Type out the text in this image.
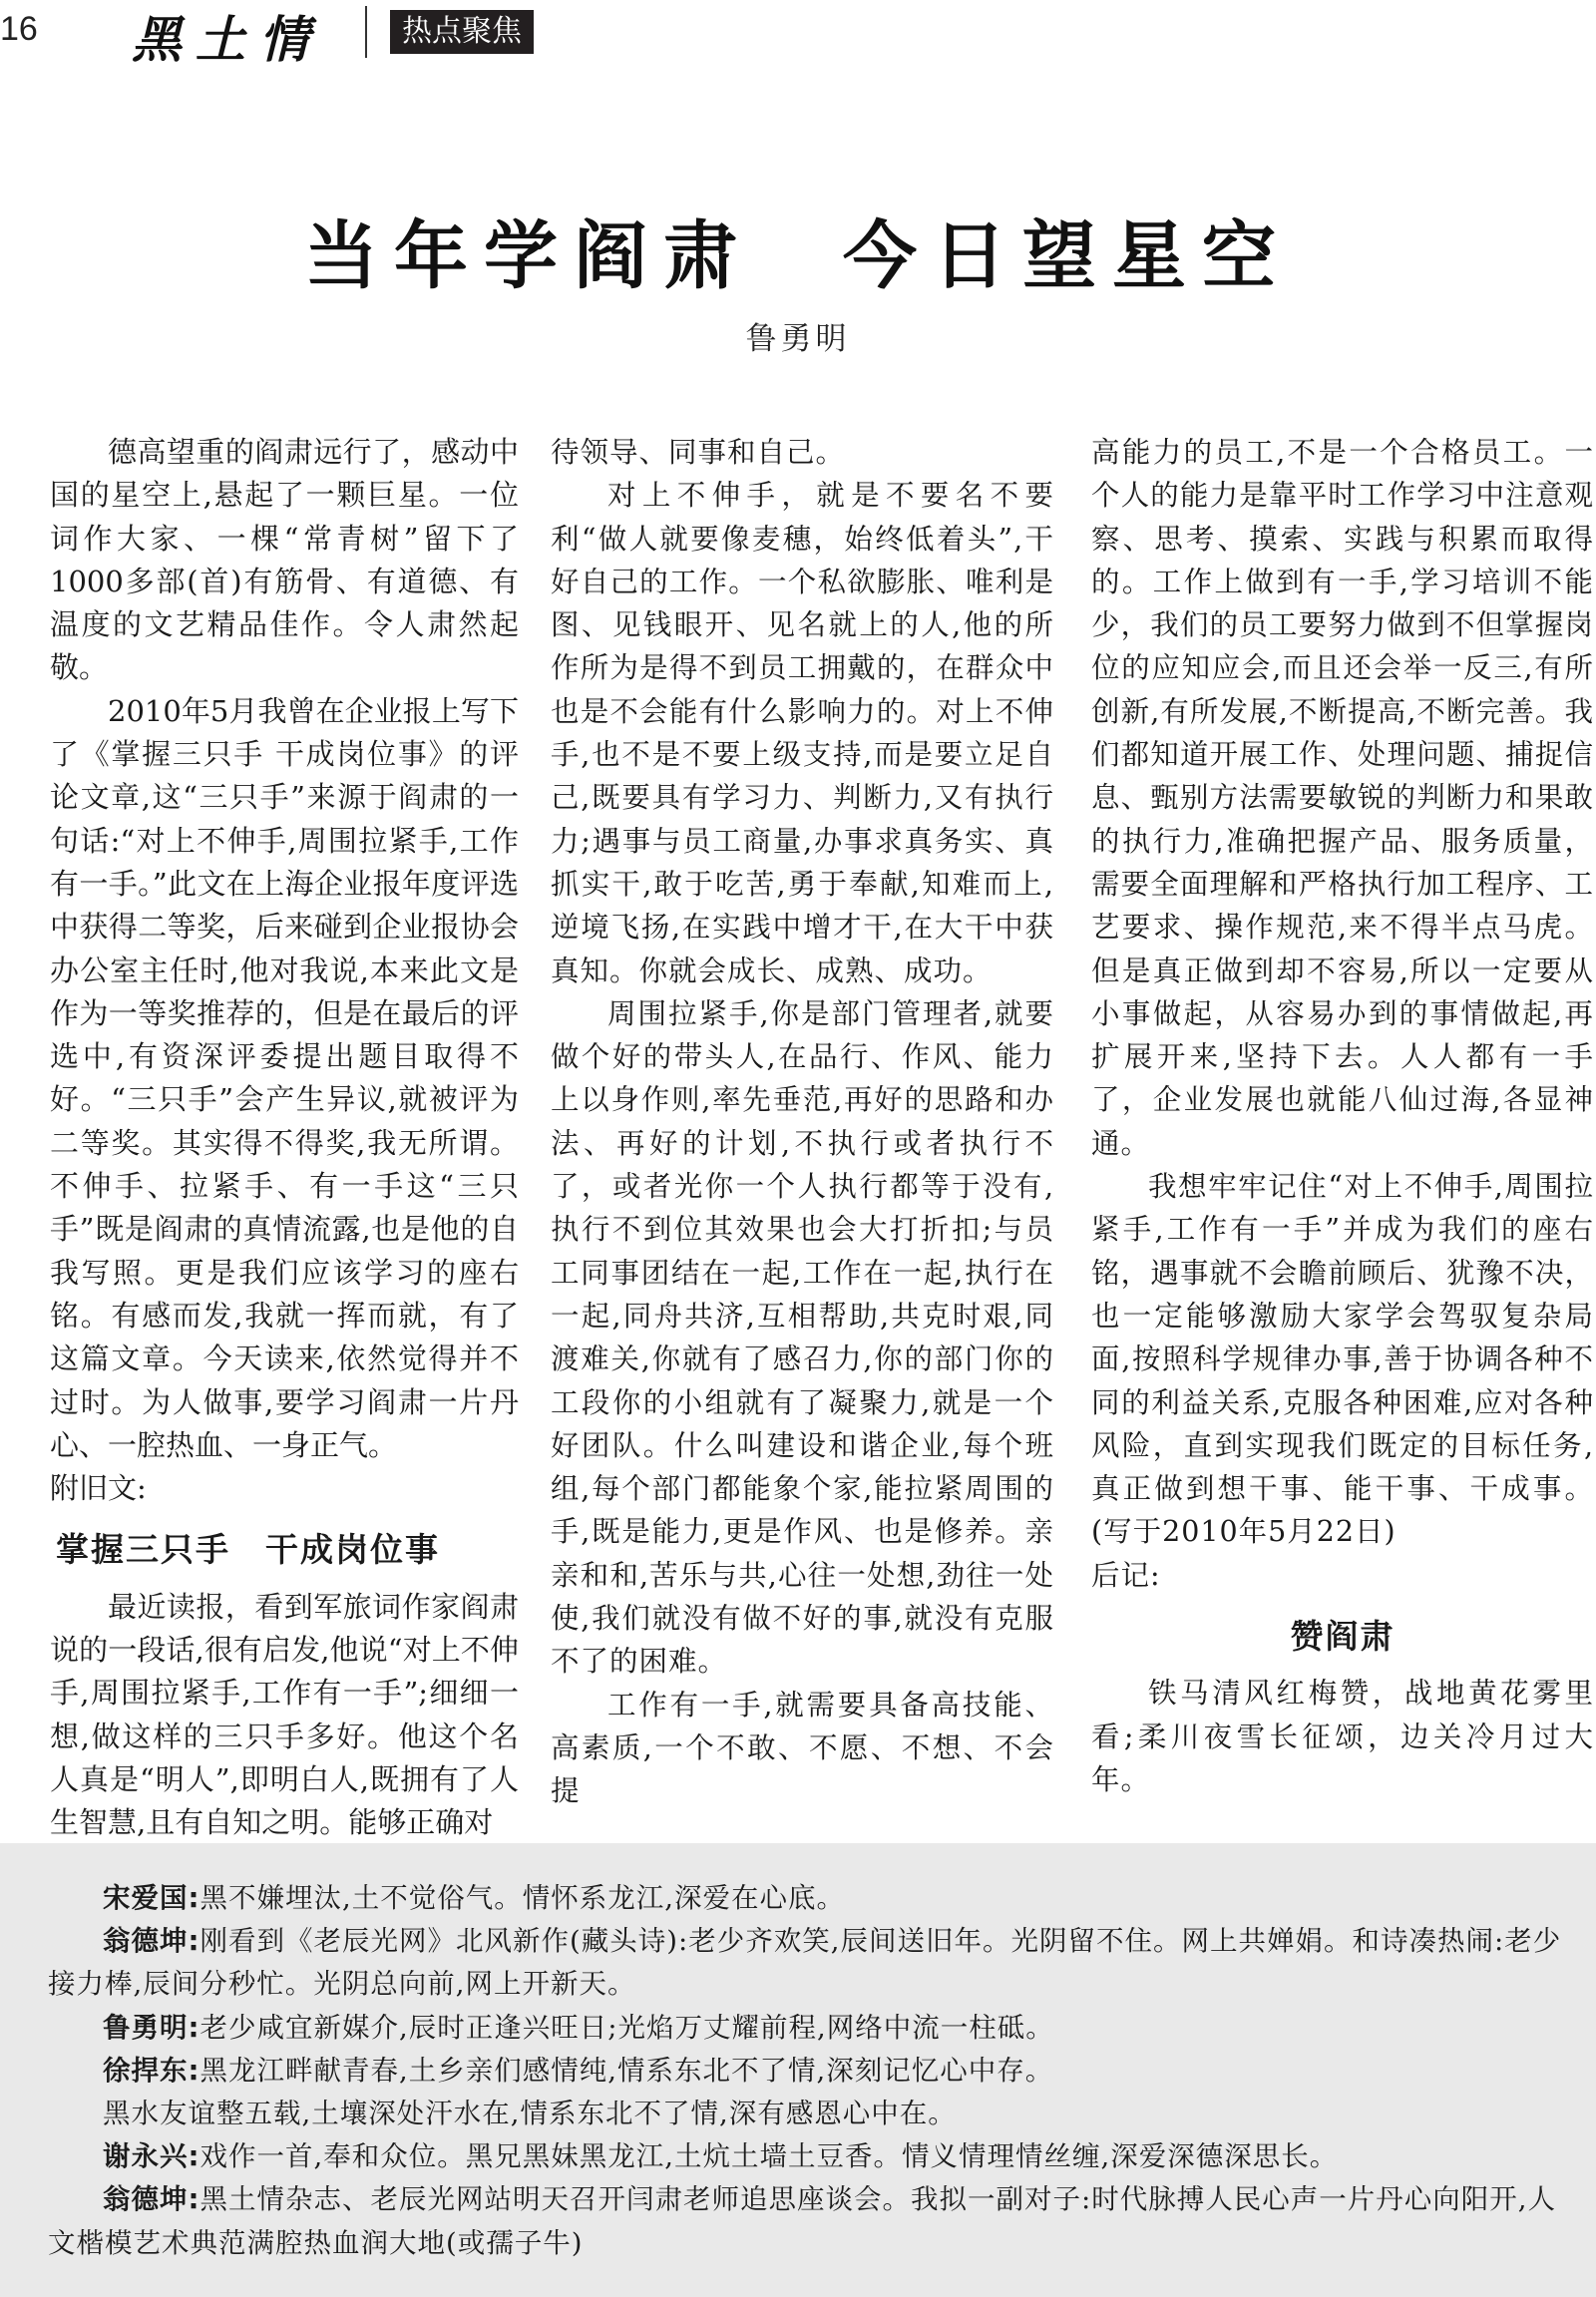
16 黑土情	热点聚焦
当年学阎肃　今日望星空
鲁勇明

德高望重的阎肃远行了，感动中国的星空上,悬起了一颗巨星。一位词作大家、一棵“常青树”留下了1000多部(首)有筋骨、有道德、有温度的文艺精品佳作。令人肃然起敬。

2010年5月我曾在企业报上写下了《掌握三只手 干成岗位事》的评论文章,这“三只手”来源于阎肃的一句话:“对上不伸手,周围拉紧手,工作有一手。”此文在上海企业报年度评选中获得二等奖，后来碰到企业报协会办公室主任时,他对我说,本来此文是作为一等奖推荐的，但是在最后的评选中,有资深评委提出题目取得不好。“三只手”会产生异议,就被评为二等奖。其实得不得奖,我无所谓。不伸手、拉紧手、有一手这“三只手”既是阎肃的真情流露,也是他的自我写照。更是我们应该学习的座右铭。有感而发,我就一挥而就，有了这篇文章。今天读来,依然觉得并不过时。为人做事,要学习阎肃一片丹心、一腔热血、一身正气。

附旧文:

掌握三只手　干成岗位事

最近读报，看到军旅词作家阎肃说的一段话,很有启发,他说“对上不伸手,周围拉紧手,工作有一手”;细细一想,做这样的三只手多好。他这个名人真是“明人”,即明白人,既拥有了人生智慧,且有自知之明。能够正确对

待领导、同事和自己。

对上不伸手，就是不要名不要利“做人就要像麦穗，始终低着头”,干好自己的工作。一个私欲膨胀、唯利是图、见钱眼开、见名就上的人,他的所作所为是得不到员工拥戴的，在群众中也是不会能有什么影响力的。对上不伸手,也不是不要上级支持,而是要立足自己,既要具有学习力、判断力,又有执行力;遇事与员工商量,办事求真务实、真抓实干,敢于吃苦,勇于奉献,知难而上,逆境飞扬,在实践中增才干,在大干中获真知。你就会成长、成熟、成功。

周围拉紧手,你是部门管理者,就要做个好的带头人,在品行、作风、能力上以身作则,率先垂范,再好的思路和办法、再好的计划,不执行或者执行不了，或者光你一个人执行都等于没有,执行不到位其效果也会大打折扣;与员工同事团结在一起,工作在一起,执行在一起,同舟共济,互相帮助,共克时艰,同渡难关,你就有了感召力,你的部门你的工段你的小组就有了凝聚力,就是一个好团队。什么叫建设和谐企业,每个班组,每个部门都能象个家,能拉紧周围的手,既是能力,更是作风、也是修养。亲亲和和,苦乐与共,心往一处想,劲往一处使,我们就没有做不好的事,就没有克服不了的困难。

工作有一手,就需要具备高技能、高素质,一个不敢、不愿、不想、不会提

高能力的员工,不是一个合格员工。一个人的能力是靠平时工作学习中注意观察、思考、摸索、实践与积累而取得的。工作上做到有一手,学习培训不能少，我们的员工要努力做到不但掌握岗位的应知应会,而且还会举一反三,有所创新,有所发展,不断提高,不断完善。我们都知道开展工作、处理问题、捕捉信息、甄别方法需要敏锐的判断力和果敢的执行力,准确把握产品、服务质量，需要全面理解和严格执行加工程序、工艺要求、操作规范,来不得半点马虎。但是真正做到却不容易,所以一定要从小事做起，从容易办到的事情做起,再扩展开来,坚持下去。人人都有一手了，企业发展也就能八仙过海,各显神通。

我想牢牢记住“对上不伸手,周围拉紧手,工作有一手”并成为我们的座右铭，遇事就不会瞻前顾后、犹豫不决，也一定能够激励大家学会驾驭复杂局面,按照科学规律办事,善于协调各种不同的利益关系,克服各种困难,应对各种风险，直到实现我们既定的目标任务,真正做到想干事、能干事、干成事。(写于2010年5月22日)

后记:

赞阎肃

铁马清风红梅赞，战地黄花雾里看;柔川夜雪长征颂，边关冷月过大年。

宋爱国:黑不嫌埋汰,土不觉俗气。情怀系龙江,深爱在心底。

翁德坤:刚看到《老辰光网》北风新作(藏头诗):老少齐欢笑,辰间送旧年。光阴留不住。网上共婵娟。和诗凑热闹:老少接力棒,辰间分秒忙。光阴总向前,网上开新天。

鲁勇明:老少咸宜新媒介,辰时正逢兴旺日;光焰万丈耀前程,网络中流一柱砥。

徐捍东:黑龙江畔献青春,土乡亲们感情纯,情系东北不了情,深刻记忆心中存。

黑水友谊整五载,土壤深处汗水在,情系东北不了情,深有感恩心中在。

谢永兴:戏作一首,奉和众位。黑兄黑妹黑龙江,土炕土墙土豆香。情义情理情丝缠,深爱深德深思长。

翁德坤:黑土情杂志、老辰光网站明天召开闫肃老师追思座谈会。我拟一副对子:时代脉搏人民心声一片丹心向阳开,人文楷模艺术典范满腔热血润大地(或孺子牛)
